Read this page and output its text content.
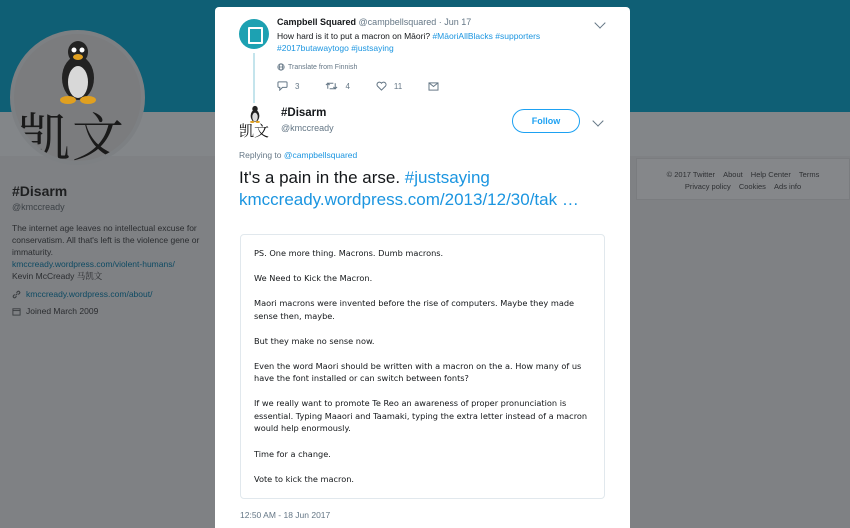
凯文
#Disarm
@kmccready
The internet age leaves no intellectual excuse for conservatism. All that's left is the violence gene or immaturity.
kmccready.wordpress.com/violent-humans/
Kevin McCready 马凯文
kmccready.wordpress.com/about/
Joined March 2009
© 2017 Twitter About Help Center Terms
Privacy policy Cookies Ads info
Campbell Squared @campbellsquared · Jun 17
How hard is it to put a macron on Māori? #MāoriAllBlacks #supporters
#2017butawaytogo #justsaying
Translate from Finnish
3	4	11
凯文
#Disarm
@kmccready
Follow
Replying to @campbellsquared
It's a pain in the arse. #justsaying kmccready.wordpress.com/2013/12/30/tak …

PS. One more thing. Macrons. Dumb macrons.

We Need to Kick the Macron.

Maori macrons were invented before the rise of computers. Maybe they made sense then, maybe.

But they make no sense now.

Even the word Maori should be written with a macron on the a. How many of us have the font installed or can switch between fonts?

If we really want to promote Te Reo an awareness of proper pronunciation is essential. Typing Maaori and Taamaki, typing the extra letter instead of a macron would help enormously.

Time for a change.

Vote to kick the macron.

12:50 AM - 18 Jun 2017
